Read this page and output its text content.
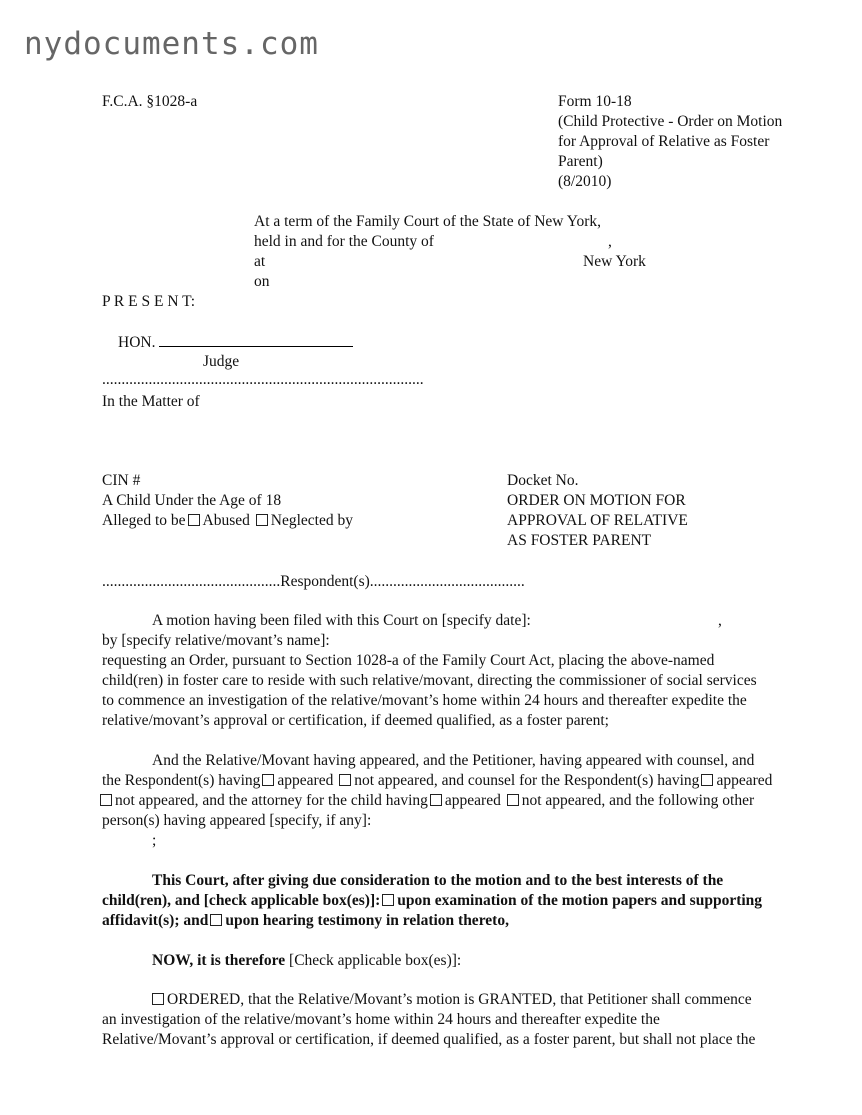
nydocuments.com
F.C.A. §1028-a	Form 10-18
(Child Protective - Order on Motion
for Approval of Relative as Foster
Parent)
(8/2010)
At a term of the Family Court of the State of New York,
held in and for the County of	,
at	New York
on
P R E S E N T:
HON.
Judge
...................................................................................
In the Matter of
CIN #
A Child Under the Age of 18
Alleged to be Abused Neglected by
Docket No.
ORDER ON MOTION FOR
APPROVAL OF RELATIVE
AS FOSTER PARENT
..............................................Respondent(s)........................................
A motion having been filed with this Court on [specify date]:	,
by [specify relative/movant’s name]:
requesting an Order, pursuant to Section 1028-a of the Family Court Act, placing the above-named
child(ren) in foster care to reside with such relative/movant, directing the commissioner of social services
to commence an investigation of the relative/movant’s home within 24 hours and thereafter expedite the
relative/movant’s approval or certification, if deemed qualified, as a foster parent;
And the Relative/Movant having appeared, and the Petitioner, having appeared with counsel, and
the Respondent(s) having appeared not appeared, and counsel for the Respondent(s) having appeared
not appeared, and the attorney for the child having appeared not appeared, and the following other
person(s) having appeared [specify, if any]:
;
This Court, after giving due consideration to the motion and to the best interests of the
child(ren), and [check applicable box(es)]: upon examination of the motion papers and supporting
affidavit(s); and upon hearing testimony in relation thereto,
NOW, it is therefore [Check applicable box(es)]:
ORDERED, that the Relative/Movant’s motion is GRANTED, that Petitioner shall commence
an investigation of the relative/movant’s home within 24 hours and thereafter expedite the
Relative/Movant’s approval or certification, if deemed qualified, as a foster parent, but shall not place the
